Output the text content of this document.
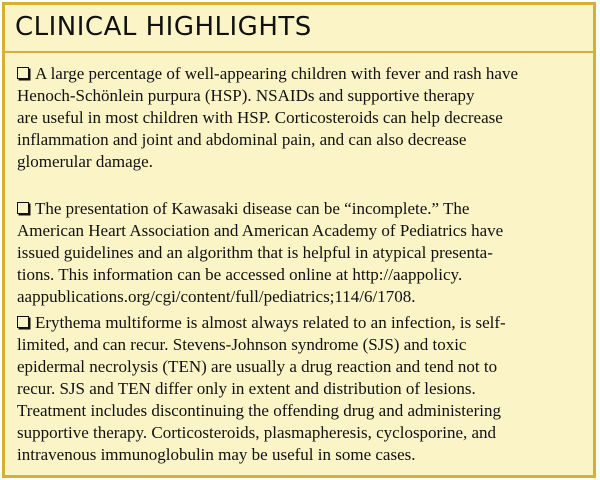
CLINICAL HIGHLIGHTS
A large percentage of well-appearing children with fever and rash have
Henoch-Schönlein purpura (HSP). NSAIDs and supportive therapy
are useful in most children with HSP. Corticosteroids can help decrease
inflammation and joint and abdominal pain, and can also decrease
glomerular damage.
The presentation of Kawasaki disease can be “incomplete.” The
American Heart Association and American Academy of Pediatrics have
issued guidelines and an algorithm that is helpful in atypical presenta-
tions. This information can be accessed online at http://aappolicy.
aappublications.org/cgi/content/full/pediatrics;114/6/1708.
Erythema multiforme is almost always related to an infection, is self-
limited, and can recur. Stevens-Johnson syndrome (SJS) and toxic
epidermal necrolysis (TEN) are usually a drug reaction and tend not to
recur. SJS and TEN differ only in extent and distribution of lesions.
Treatment includes discontinuing the offending drug and administering
supportive therapy. Corticosteroids, plasmapheresis, cyclosporine, and
intravenous immunoglobulin may be useful in some cases.
